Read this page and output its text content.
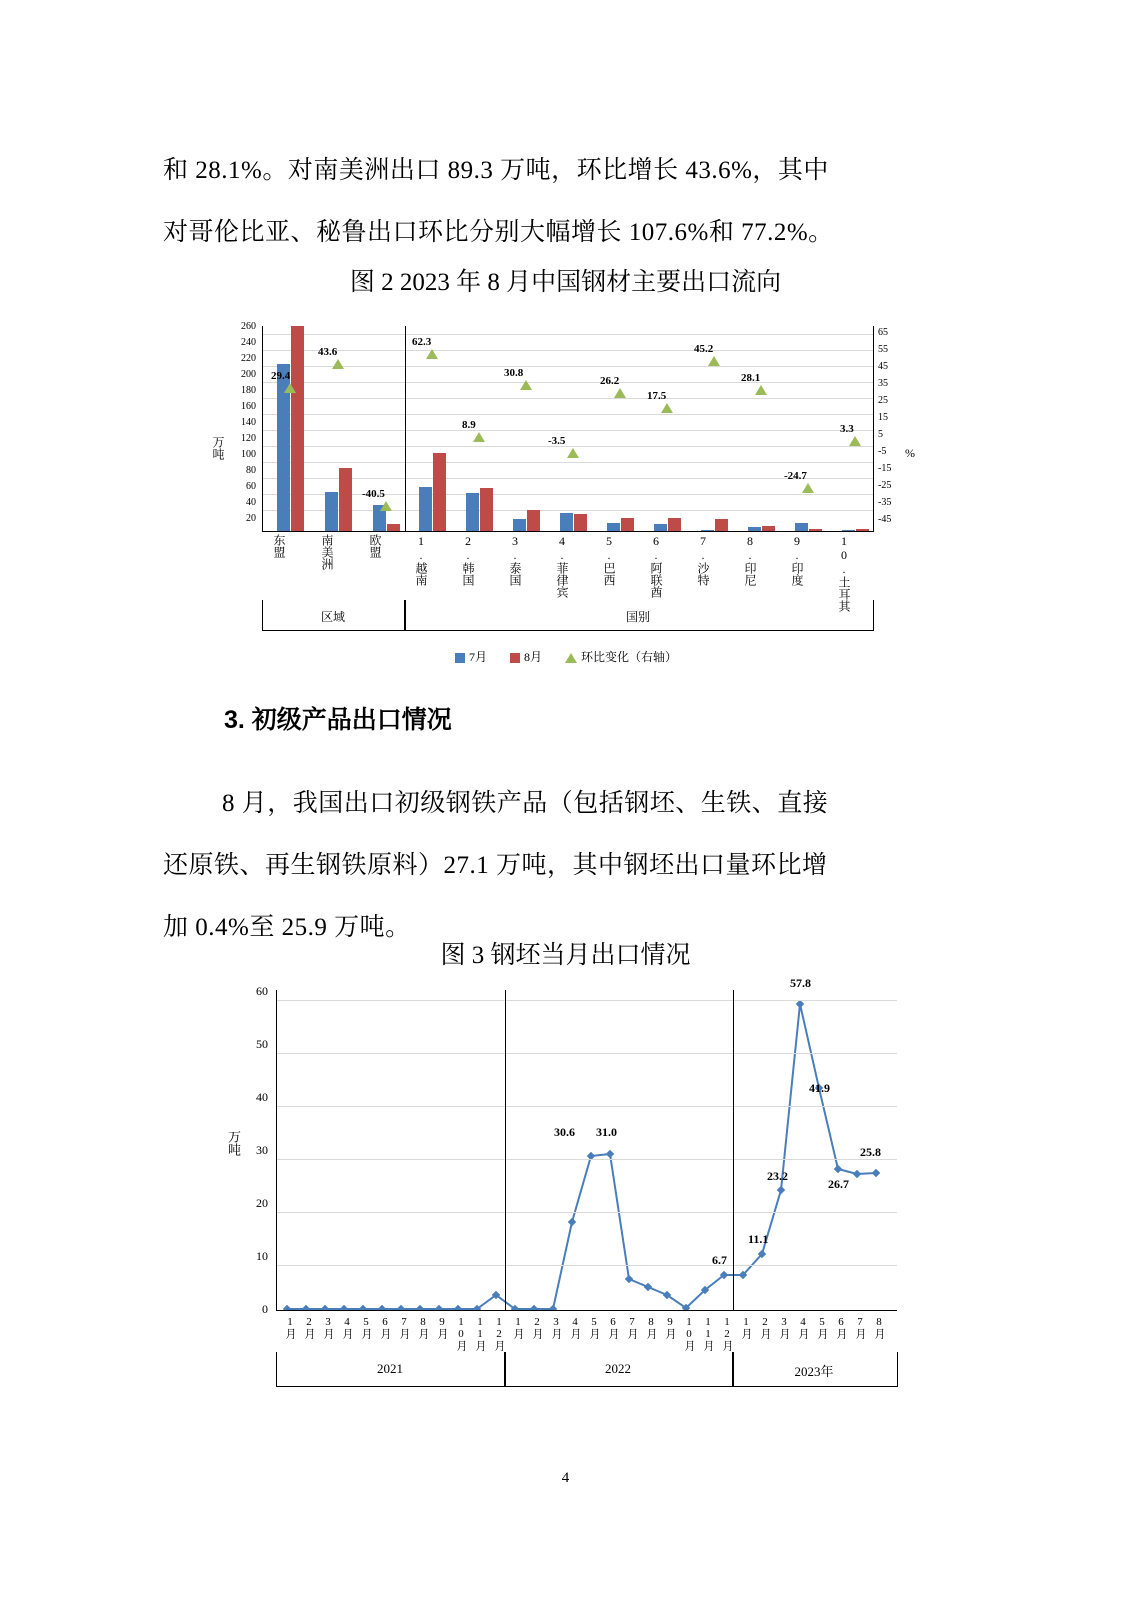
和 28.1%。对南美洲出口 89.3 万吨，环比增长 43.6%，其中
对哥伦比亚、秘鲁出口环比分别大幅增长 107.6%和 77.2%。
图 2 2023 年 8 月中国钢材主要出口流向
万吨	%
260
240
220
200
180
160
140
120
100
80
60
40
20
65
55
45
35
25
15
5
-5
-15
-25
-35
-45
29.4
43.6
-40.5
62.3
8.9
30.8
-3.5
26.2
17.5
45.2
28.1
-24.7
3.3
东盟	南美洲	欧盟	1.越南	2.韩国	3.泰国	4.菲律宾	5.巴西	6.阿联酋	7.沙特	8.印尼	9.印度	10.土耳其
区域	国别
7月	8月	环比变化（右轴）
3. 初级产品出口情况
8 月，我国出口初级钢铁产品（包括钢坯、生铁、直接
还原铁、再生钢铁原料）27.1 万吨，其中钢坯出口量环比增
加 0.4%至 25.9 万吨。
图 3 钢坯当月出口情况
万吨
60
50
40
30
20
10
0
30.6 31.0
6.7
11.1
23.2
57.8
41.9
26.7
25.8
1月 2月 3月 4月 5月 6月 7月 8月 9月 10月 11月 12月 1月 2月 3月 4月 5月 6月 7月 8月 9月 10月 11月 12月 1月 2月 3月 4月 5月 6月 7月 8月
2021	2022	2023年
4
